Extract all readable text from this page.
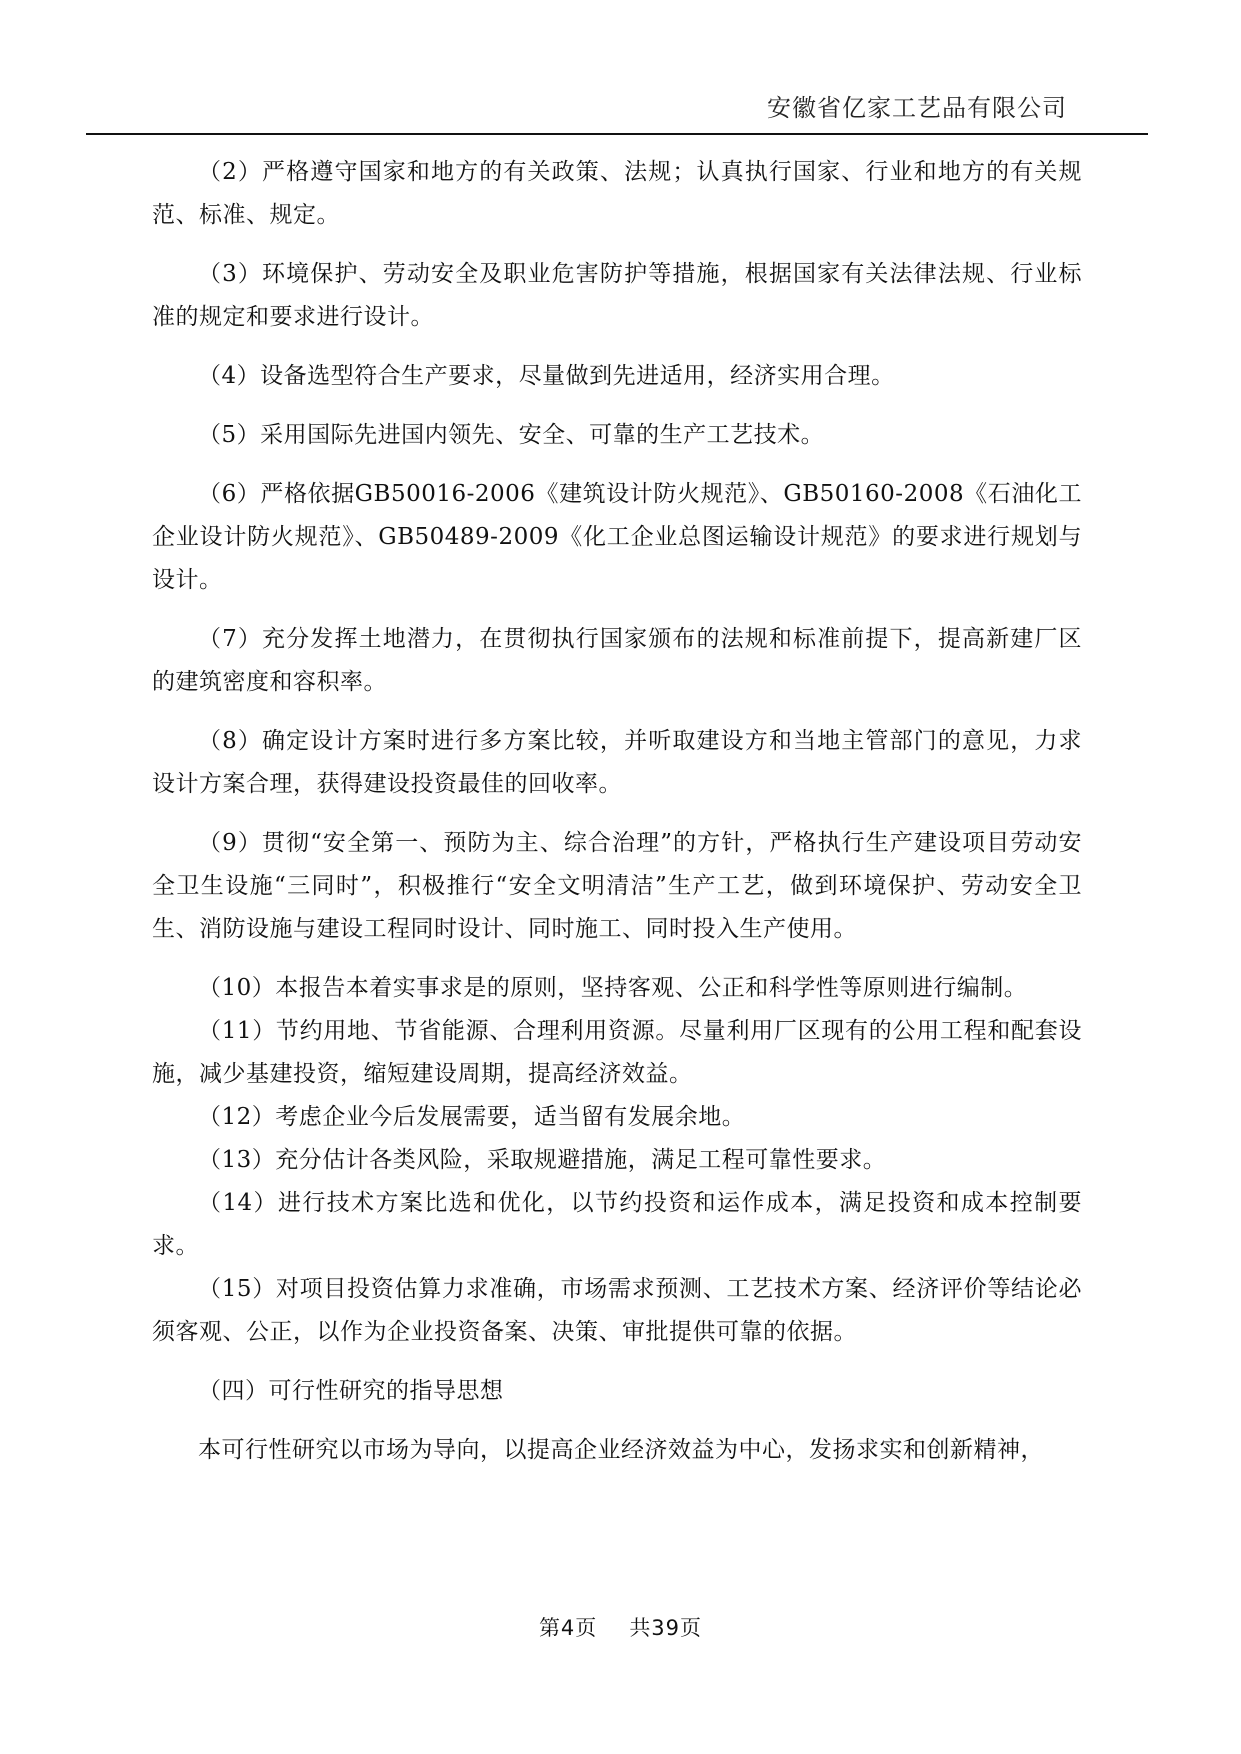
安徽省亿家工艺品有限公司

（2）严格遵守国家和地方的有关政策、法规；认真执行国家、行业和地方的有关规范、标准、规定。

（3）环境保护、劳动安全及职业危害防护等措施，根据国家有关法律法规、行业标准的规定和要求进行设计。

（4）设备选型符合生产要求，尽量做到先进适用，经济实用合理。

（5）采用国际先进国内领先、安全、可靠的生产工艺技术。

（6）严格依据GB50016-2006《建筑设计防火规范》、GB50160-2008《石油化工企业设计防火规范》、GB50489-2009《化工企业总图运输设计规范》的要求进行规划与设计。

（7）充分发挥土地潜力，在贯彻执行国家颁布的法规和标准前提下，提高新建厂区的建筑密度和容积率。

（8）确定设计方案时进行多方案比较，并听取建设方和当地主管部门的意见，力求设计方案合理，获得建设投资最佳的回收率。

（9）贯彻“安全第一、预防为主、综合治理”的方针，严格执行生产建设项目劳动安全卫生设施“三同时”，积极推行“安全文明清洁”生产工艺，做到环境保护、劳动安全卫生、消防设施与建设工程同时设计、同时施工、同时投入生产使用。

（10）本报告本着实事求是的原则，坚持客观、公正和科学性等原则进行编制。

（11）节约用地、节省能源、合理利用资源。尽量利用厂区现有的公用工程和配套设施，减少基建投资，缩短建设周期，提高经济效益。

（12）考虑企业今后发展需要，适当留有发展余地。

（13）充分估计各类风险，采取规避措施，满足工程可靠性要求。

（14）进行技术方案比选和优化，以节约投资和运作成本，满足投资和成本控制要求。

（15）对项目投资估算力求准确，市场需求预测、工艺技术方案、经济评价等结论必须客观、公正，以作为企业投资备案、决策、审批提供可靠的依据。

（四）可行性研究的指导思想

本可行性研究以市场为导向，以提高企业经济效益为中心，发扬求实和创新精神，

第4页 共39页
